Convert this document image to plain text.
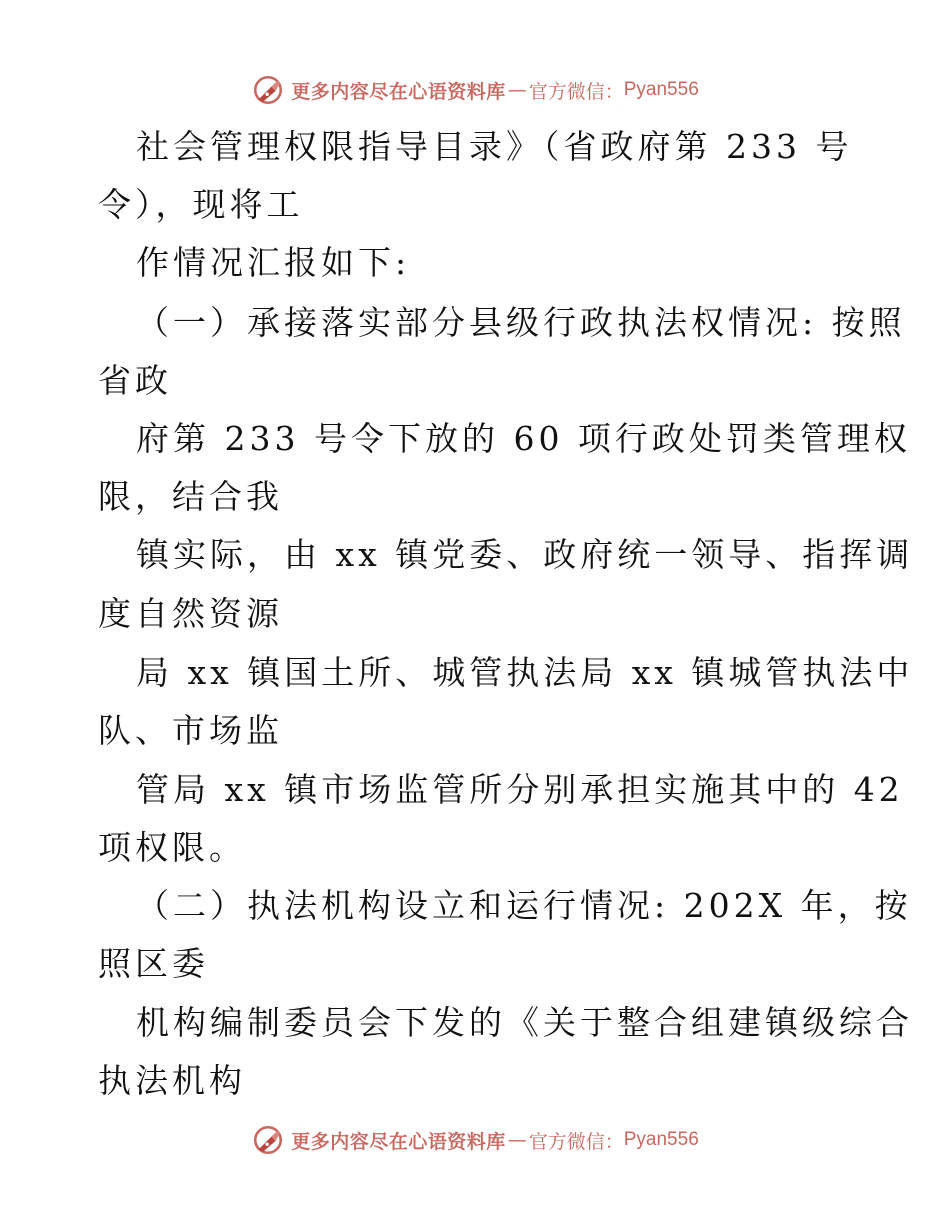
更多内容尽在心语资料库 — 官方微信： Pyan556
社会管理权限指导目录》（省政府第 233 号
令），现将工
作情况汇报如下:
（一）承接落实部分县级行政执法权情况: 按照
省政
府第 233 号令下放的 60 项行政处罚类管理权
限，结合我
镇实际，由 xx 镇党委、政府统一领导、指挥调
度自然资源
局 xx 镇国土所、城管执法局 xx 镇城管执法中
队、市场监
管局 xx 镇市场监管所分别承担实施其中的 42
项权限。
（二）执法机构设立和运行情况: 202X 年，按
照区委
机构编制委员会下发的《关于整合组建镇级综合
执法机构
更多内容尽在心语资料库 — 官方微信： Pyan556
